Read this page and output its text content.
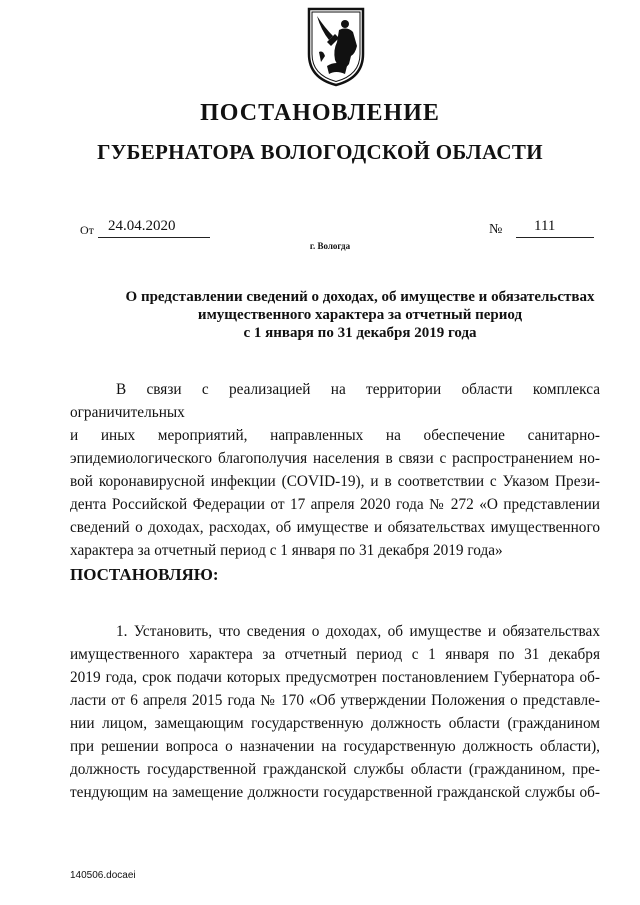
ПОСТАНОВЛЕНИЕ
ГУБЕРНАТОРА ВОЛОГОДСКОЙ ОБЛАСТИ
От 24.04.2020	№	111
г. Вологда
О представлении сведений о доходах, об имуществе и обязательствах
имущественного характера за отчетный период
с 1 января по 31 декабря 2019 года
В связи с реализацией на территории области комплекса ограничительных
и иных мероприятий, направленных на обеспечение санитарно-
эпидемиологического благополучия населения в связи с распространением но-
вой коронавирусной инфекции (COVID-19), и в соответствии с Указом Прези-
дента Российской Федерации от 17 апреля 2020 года № 272 «О представлении
сведений о доходах, расходах, об имуществе и обязательствах имущественного
характера за отчетный период с 1 января по 31 декабря 2019 года»
ПОСТАНОВЛЯЮ:
1. Установить, что сведения о доходах, об имуществе и обязательствах
имущественного характера за отчетный период с 1 января по 31 декабря
2019 года, срок подачи которых предусмотрен постановлением Губернатора об-
ласти от 6 апреля 2015 года № 170 «Об утверждении Положения о представле-
нии лицом, замещающим государственную должность области (гражданином
при решении вопроса о назначении на государственную должность области),
должность государственной гражданской службы области (гражданином, пре-
тендующим на замещение должности государственной гражданской службы об-
140506.docaei
